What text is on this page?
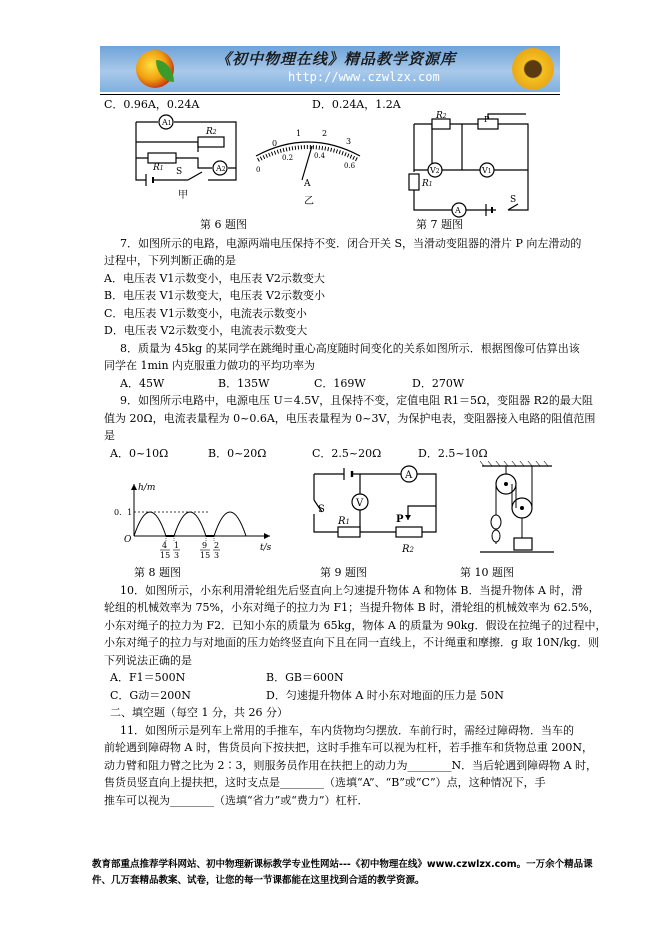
《初中物理在线》精品教学资源库
http://www.czwlzx.com
C．0.96A，0.24A	D．0.24A，1.2A
A1
R1
R2
A2
S
甲
0
1	2
3
0
0.2	0.4
0.6
A
乙
R2	P
V2	V1
R1
A
S
第 6 题图	第 7 题图
7．如图所示的电路，电源两端电压保持不变．闭合开关 S，当滑动变阻器的滑片 P 向左滑动的
过程中，下列判断正确的是
A．电压表 V1示数变小，电压表 V2示数变大
B．电压表 V1示数变大，电压表 V2示数变小
C．电压表 V1示数变小，电流表示数变小
D．电压表 V2示数变小，电流表示数变大
8．质量为 45kg 的某同学在跳绳时重心高度随时间变化的关系如图所示．根据图像可估算出该
同学在 1min 内克服重力做功的平均功率为
A．45W	B．135W	C．169W	D．270W
9．如图所示电路中，电源电压 U＝4.5V，且保持不变，定值电阻 R1＝5Ω，变阻器 R2的最大阻
值为 20Ω，电流表量程为 0~0.6A，电压表量程为 0~3V，为保护电表，变阻器接入电路的阻值范围
是
A．0~10Ω	B．0~20Ω	C．2.5~20Ω	D．2.5~10Ω
h/m
t/s
O
0．1
4
15
1
3
9
15
2
3
A
V
S
R1	P
R2
第 8 题图	第 9 题图	第 10 题图
10．如图所示，小东利用滑轮组先后竖直向上匀速提升物体 A 和物体 B．当提升物体 A 时，滑
轮组的机械效率为 75%，小东对绳子的拉力为 F1；当提升物体 B 时，滑轮组的机械效率为 62.5%，
小东对绳子的拉力为 F2．已知小东的质量为 65kg，物体 A 的质量为 90kg．假设在拉绳子的过程中，
小东对绳子的拉力与对地面的压力始终竖直向下且在同一直线上，不计绳重和摩擦．g 取 10N/kg．则
下列说法正确的是
A．F1＝500N	B．GB＝600N
C．G动＝200N	D．匀速提升物体 A 时小东对地面的压力是 50N
二、填空题（每空 1 分，共 26 分）
11．如图所示是列车上常用的手推车，车内货物均匀摆放．车前行时，需经过障碍物．当车的
前轮遇到障碍物 A 时，售货员向下按扶把，这时手推车可以视为杠杆，若手推车和货物总重 200N，
动力臂和阻力臂之比为 2∶3，则服务员作用在扶把上的动力为________N．当后轮遇到障碍物 A 时，
售货员竖直向上提扶把，这时支点是________（选填“A”、“B”或“C”）点，这种情况下，手
推车可以视为________（选填“省力”或“费力”）杠杆．
教育部重点推荐学科网站、初中物理新课标教学专业性网站---《初中物理在线》www.czwlzx.com。一万余个精品课
件、几万套精品教案、试卷，让您的每一节课都能在这里找到合适的教学资源。
